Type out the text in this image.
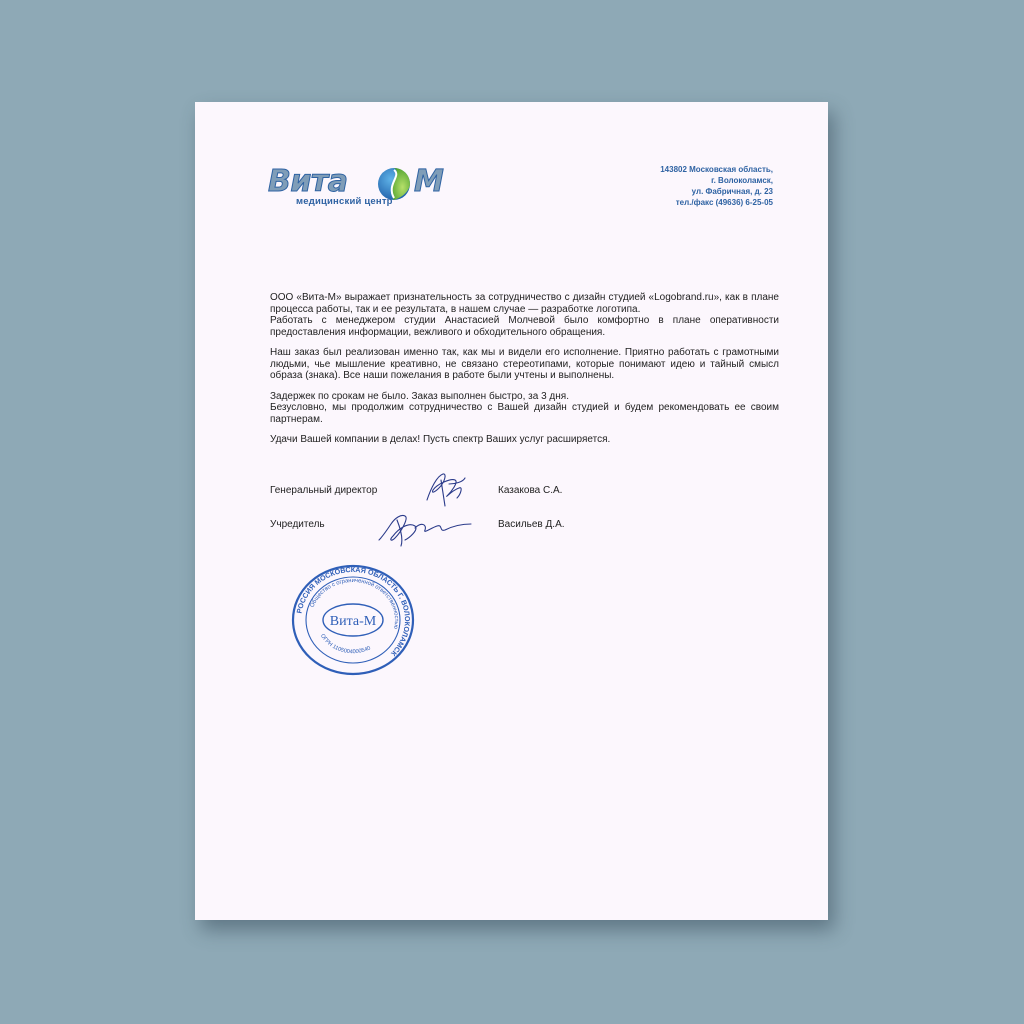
Вита М
медицинский центр
143802 Московская область,
г. Волоколамск,
ул. Фабричная, д. 23
тел./факс (49636) 6-25-05

ООО «Вита-М» выражает признательность за сотрудничество с дизайн студией «Logobrand.ru», как в плане процесса работы, так и ее результата, в нашем случае — разработке логотипа.
Работать с менеджером студии Анастасией Молчевой было комфортно в плане оперативности предоставления информации, вежливого и обходительного обращения.

Наш заказ был реализован именно так, как мы и видели его исполнение. Приятно работать с грамотными людьми, чье мышление креативно, не связано стереотипами, которые понимают идею и тайный смысл образа (знака). Все наши пожелания в работе были учтены и выполнены.

Задержек по срокам не было. Заказ выполнен быстро, за 3 дня.
Безусловно, мы продолжим сотрудничество с Вашей дизайн студией и будем рекомендовать ее своим партнерам.

Удачи Вашей компании в делах! Пусть спектр Ваших услуг расширяется.

Генеральный директор	Казакова С.А.
Учредитель	Васильев Д.А.
РОССИЯ МОСКОВСКАЯ ОБЛАСТЬ Г. ВОЛОКОЛАМСК
Общество с ограниченной ответственностью
ОГРН 1105004000540
Вита-М
